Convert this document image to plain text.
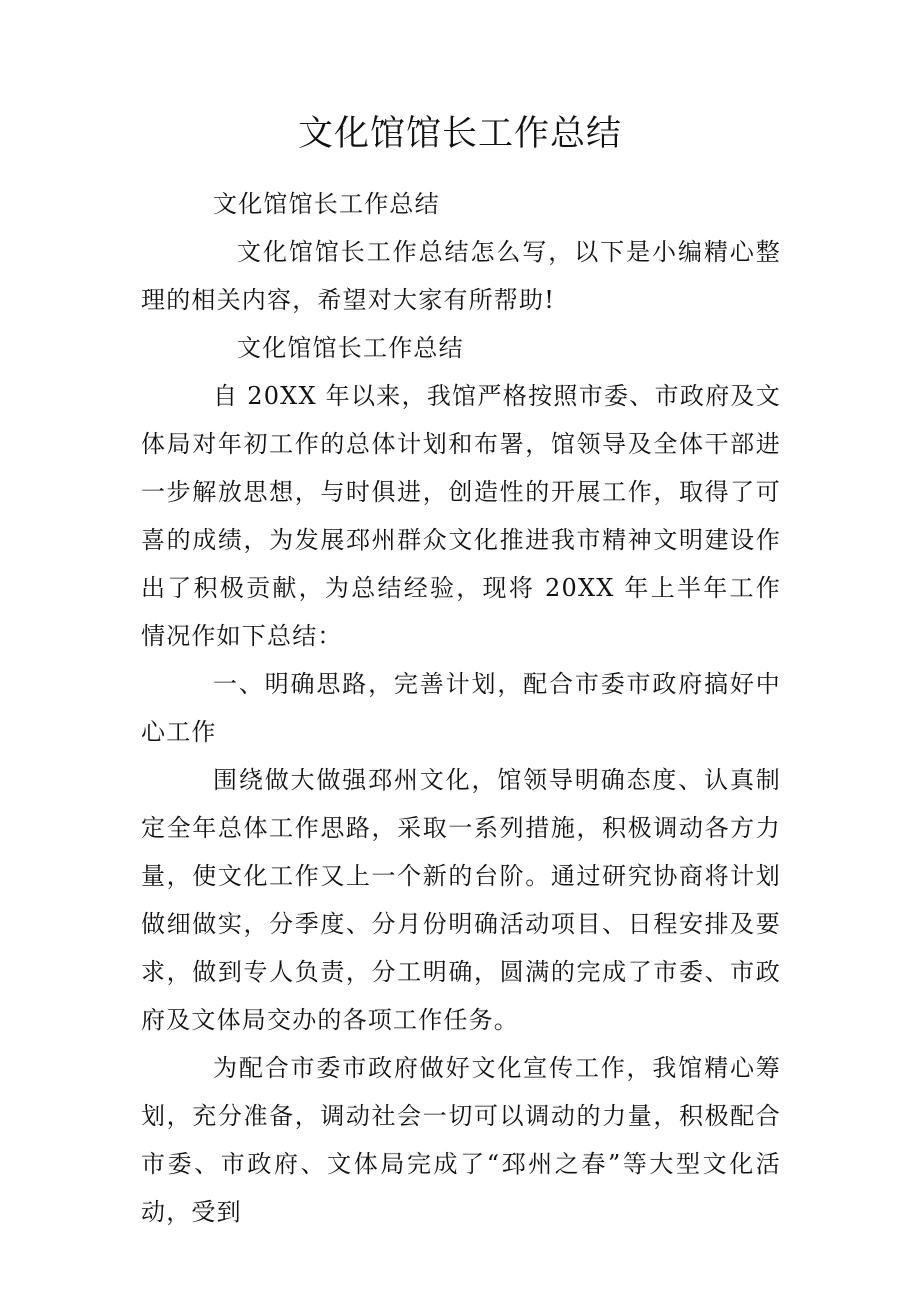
文化馆馆长工作总结

文化馆馆长工作总结

文化馆馆长工作总结怎么写，以下是小编精心整理的相关内容，希望对大家有所帮助!

文化馆馆长工作总结

自 20XX 年以来，我馆严格按照市委、市政府及文体局对年初工作的总体计划和布署，馆领导及全体干部进一步解放思想，与时俱进，创造性的开展工作，取得了可喜的成绩，为发展邳州群众文化推进我市精神文明建设作出了积极贡献，为总结经验，现将 20XX 年上半年工作情况作如下总结：

一、明确思路，完善计划，配合市委市政府搞好中心工作

围绕做大做强邳州文化，馆领导明确态度、认真制定全年总体工作思路，采取一系列措施，积极调动各方力量，使文化工作又上一个新的台阶。通过研究协商将计划做细做实，分季度、分月份明确活动项目、日程安排及要求，做到专人负责，分工明确，圆满的完成了市委、市政府及文体局交办的各项工作任务。

为配合市委市政府做好文化宣传工作，我馆精心筹划，充分准备，调动社会一切可以调动的力量，积极配合市委、市政府、文体局完成了“邳州之春”等大型文化活动，受到
